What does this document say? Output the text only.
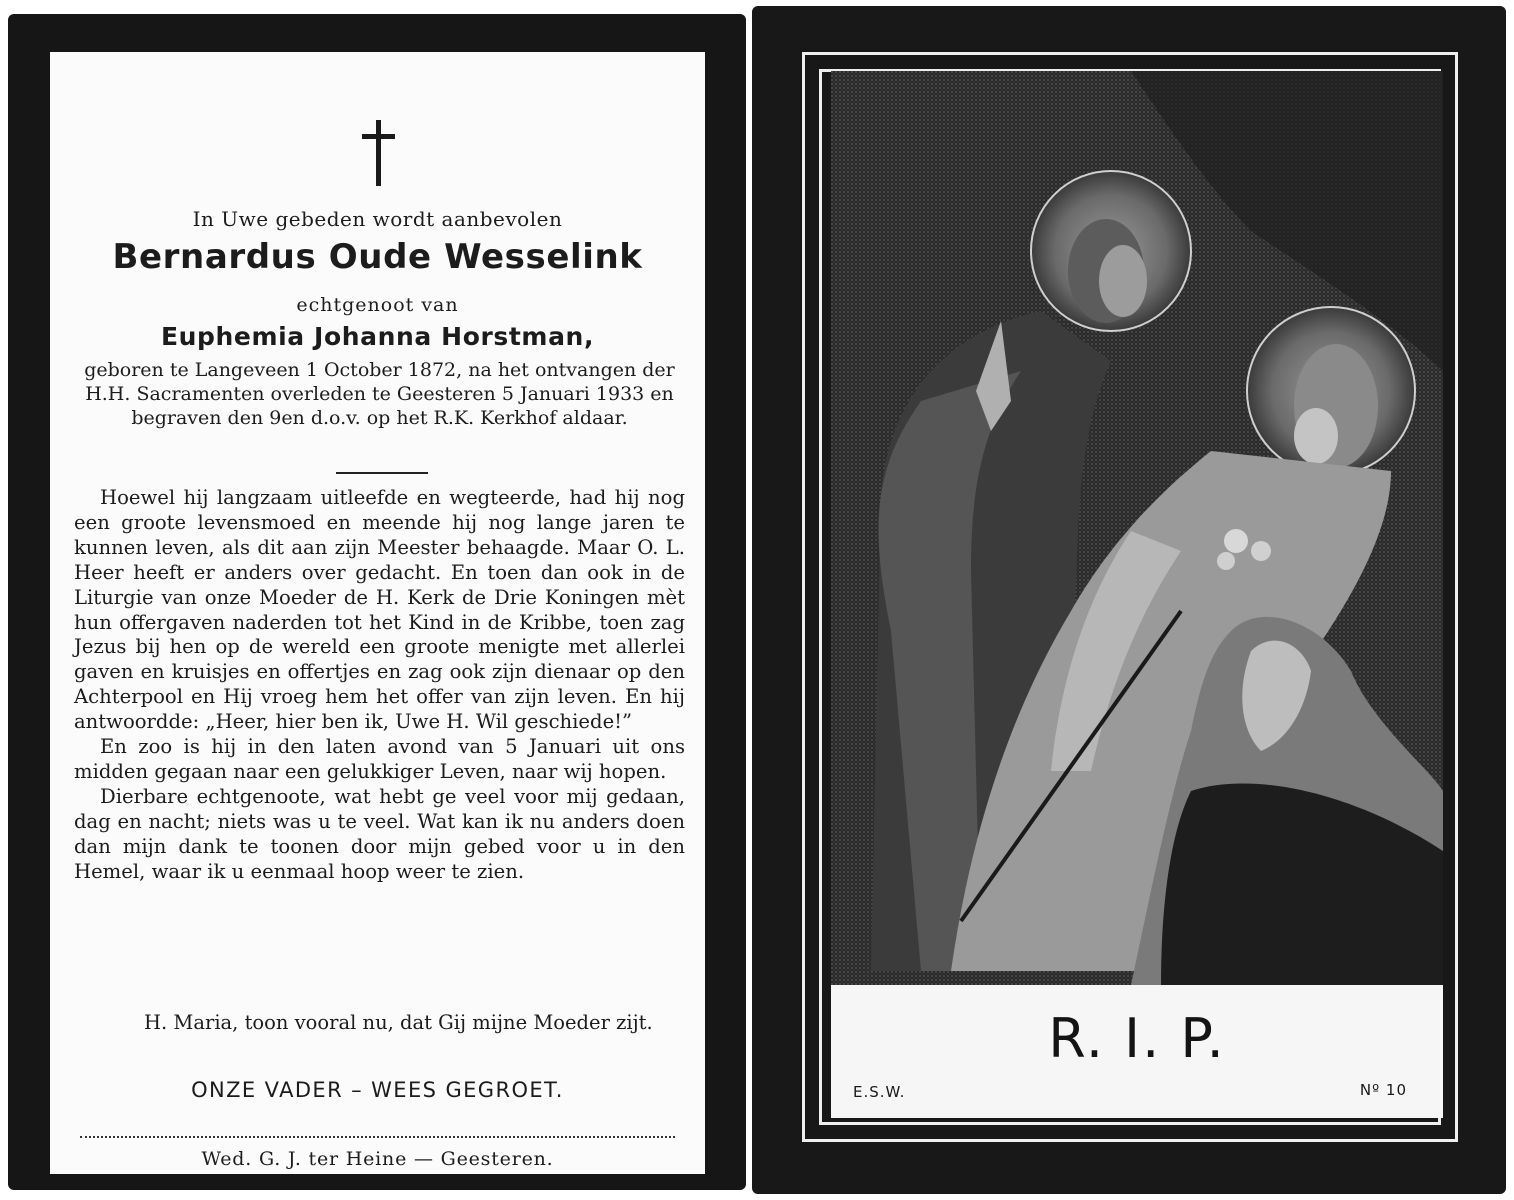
In Uwe gebeden wordt aanbevolen
Bernardus Oude Wesselink
echtgenoot van
Euphemia Johanna Horstman,
geboren te Langeveen 1 October 1872, na het ontvangen der H.H. Sacramenten overleden te Geesteren 5 Januari 1933 en begraven den 9en d.o.v. op het R.K. Kerkhof aldaar.

Hoewel hij langzaam uitleefde en wegteerde, had hij nog een groote levensmoed en meende hij nog lange jaren te kunnen leven, als dit aan zijn Meester behaagde. Maar O. L. Heer heeft er anders over gedacht. En toen dan ook in de Liturgie van onze Moeder de H. Kerk de Drie Koningen mèt hun offergaven naderden tot het Kind in de Kribbe, toen zag Jezus bij hen op de wereld een groote menigte met allerlei gaven en kruisjes en offertjes en zag ook zijn dienaar op den Achterpool en Hij vroeg hem het offer van zijn leven. En hij antwoordde: „Heer, hier ben ik, Uwe H. Wil geschiede!”

En zoo is hij in den laten avond van 5 Januari uit ons midden gegaan naar een gelukkiger Leven, naar wij hopen.

Dierbare echtgenoote, wat hebt ge veel voor mij gedaan, dag en nacht; niets was u te veel. Wat kan ik nu anders doen dan mijn dank te toonen door mijn gebed voor u in den Hemel, waar ik u eenmaal hoop weer te zien.

H. Maria, toon vooral nu, dat Gij mijne Moeder zijt.
ONZE VADER – WEES GEGROET.
Wed. G. J. ter Heine — Geesteren.
R. I. P.
E.S.W.	Nº 10
